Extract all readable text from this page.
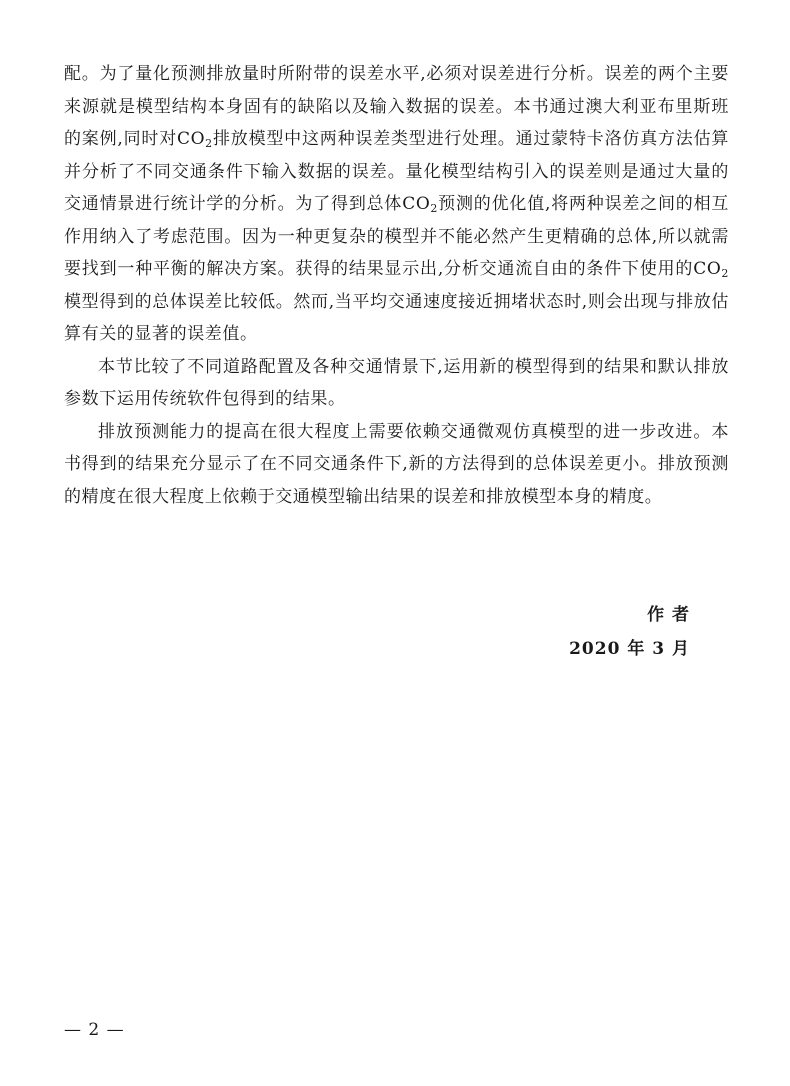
配。为了量化预测排放量时所附带的误差水平,必须对误差进行分析。误差的两个主要来源就是模型结构本身固有的缺陷以及输入数据的误差。本书通过澳大利亚布里斯班的案例,同时对$CO_2$排放模型中这两种误差类型进行处理。通过蒙特卡洛仿真方法估算并分析了不同交通条件下输入数据的误差。量化模型结构引入的误差则是通过大量的交通情景进行统计学的分析。为了得到总体$CO_2$预测的优化值,将两种误差之间的相互作用纳入了考虑范围。因为一种更复杂的模型并不能必然产生更精确的总体,所以就需要找到一种平衡的解决方案。获得的结果显示出,分析交通流自由的条件下使用的$CO_2$模型得到的总体误差比较低。然而,当平均交通速度接近拥堵状态时,则会出现与排放估算有关的显著的误差值。

本节比较了不同道路配置及各种交通情景下,运用新的模型得到的结果和默认排放参数下运用传统软件包得到的结果。

排放预测能力的提高在很大程度上需要依赖交通微观仿真模型的进一步改进。本书得到的结果充分显示了在不同交通条件下,新的方法得到的总体误差更小。排放预测的精度在很大程度上依赖于交通模型输出结果的误差和排放模型本身的精度。

作 者
2020 年 3 月
— 2 —
